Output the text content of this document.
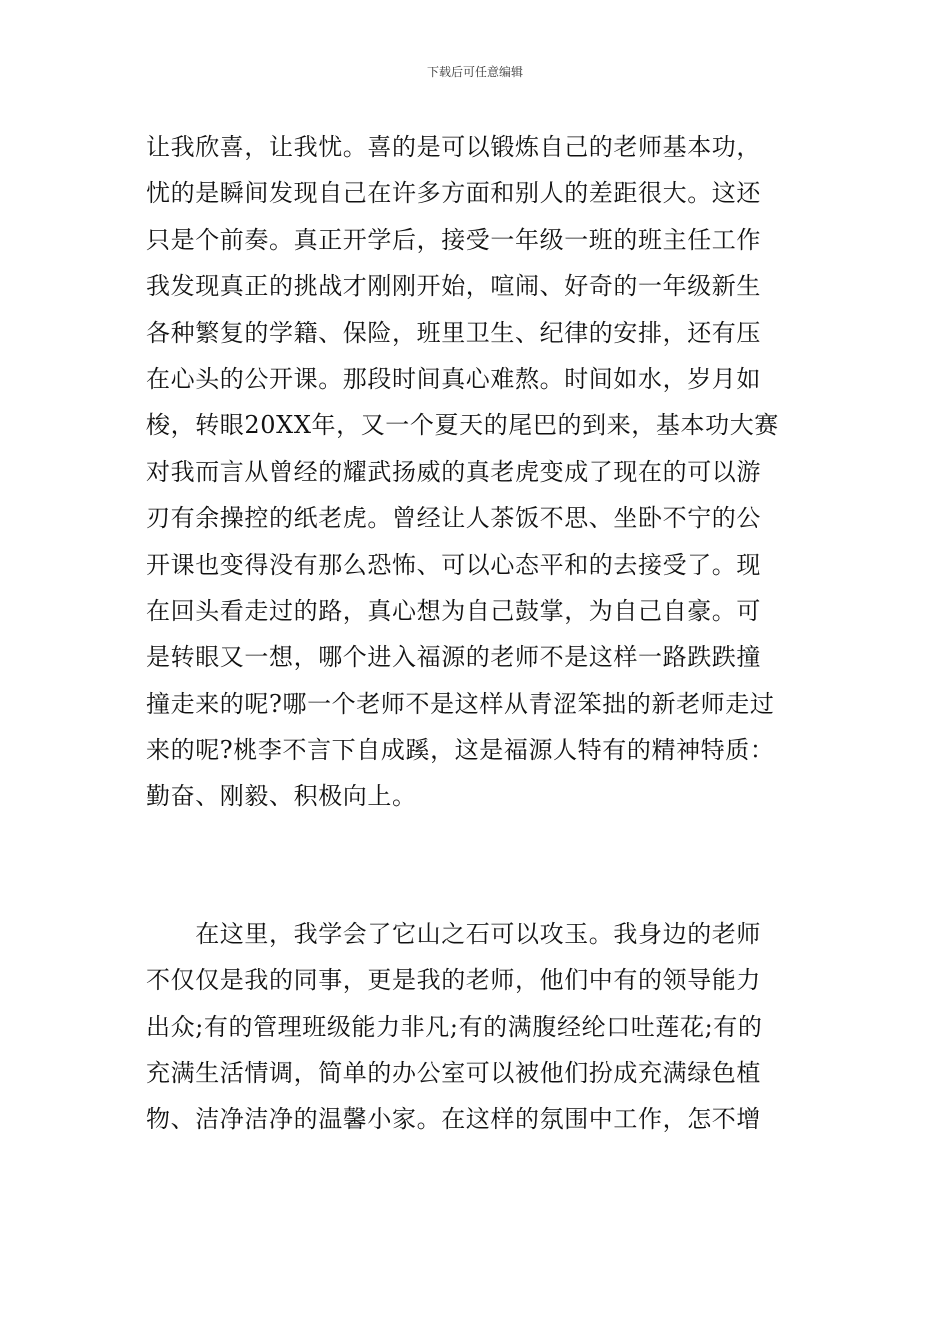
下载后可任意编辑
让我欣喜，让我忧。喜的是可以锻炼自己的老师基本功，
忧的是瞬间发现自己在许多方面和别人的差距很大。这还
只是个前奏。真正开学后，接受一年级一班的班主任工作
我发现真正的挑战才刚刚开始，喧闹、好奇的一年级新生
各种繁复的学籍、保险，班里卫生、纪律的安排，还有压
在心头的公开课。那段时间真心难熬。时间如水，岁月如
梭，转眼20XX年，又一个夏天的尾巴的到来，基本功大赛
对我而言从曾经的耀武扬威的真老虎变成了现在的可以游
刃有余操控的纸老虎。曾经让人茶饭不思、坐卧不宁的公
开课也变得没有那么恐怖、可以心态平和的去接受了。现
在回头看走过的路，真心想为自己鼓掌，为自己自豪。可
是转眼又一想，哪个进入福源的老师不是这样一路跌跌撞
撞走来的呢?哪一个老师不是这样从青涩笨拙的新老师走过
来的呢?桃李不言下自成蹊，这是福源人特有的精神特质：
勤奋、刚毅、积极向上。
　　在这里，我学会了它山之石可以攻玉。我身边的老师
不仅仅是我的同事，更是我的老师，他们中有的领导能力
出众;有的管理班级能力非凡;有的满腹经纶口吐莲花;有的
充满生活情调，简单的办公室可以被他们扮成充满绿色植
物、洁净洁净的温馨小家。在这样的氛围中工作，怎不增
